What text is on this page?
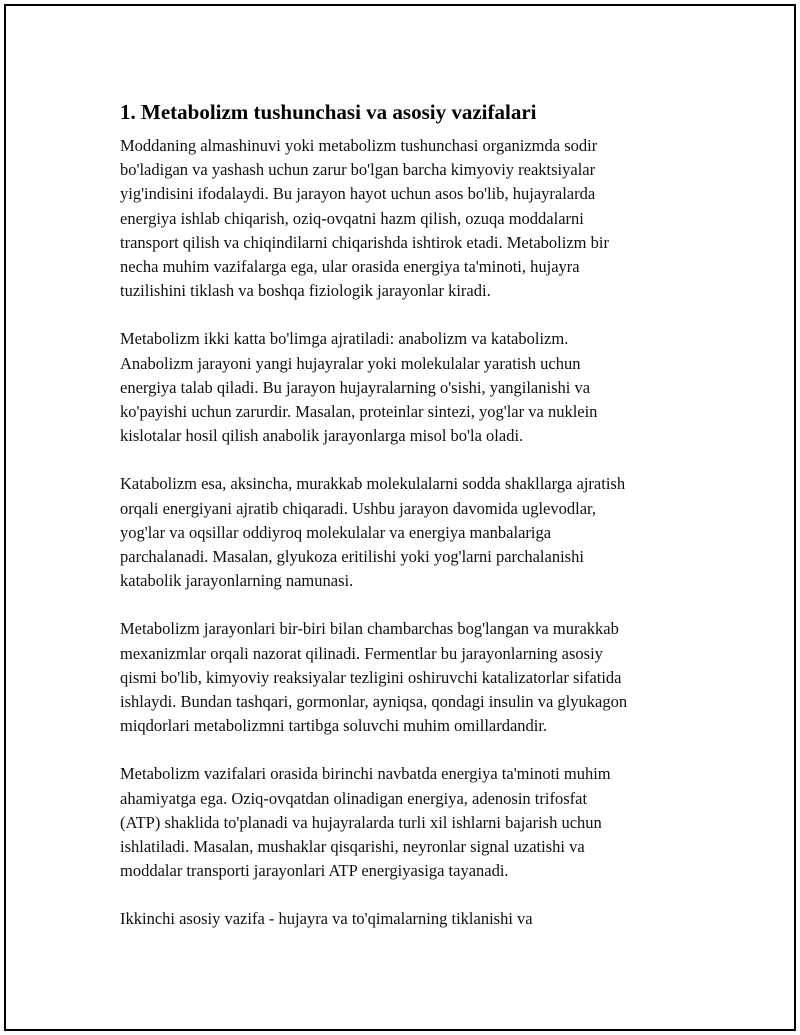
1. Metabolizm tushunchasi va asosiy vazifalari

Moddaning almashinuvi yoki metabolizm tushunchasi organizmda sodir
bo'ladigan va yashash uchun zarur bo'lgan barcha kimyoviy reaktsiyalar
yig'indisini ifodalaydi. Bu jarayon hayot uchun asos bo'lib, hujayralarda
energiya ishlab chiqarish, oziq-ovqatni hazm qilish, ozuqa moddalarni
transport qilish va chiqindilarni chiqarishda ishtirok etadi. Metabolizm bir
necha muhim vazifalarga ega, ular orasida energiya ta'minoti, hujayra
tuzilishini tiklash va boshqa fiziologik jarayonlar kiradi.

Metabolizm ikki katta bo'limga ajratiladi: anabolizm va katabolizm.
Anabolizm jarayoni yangi hujayralar yoki molekulalar yaratish uchun
energiya talab qiladi. Bu jarayon hujayralarning o'sishi, yangilanishi va
ko'payishi uchun zarurdir. Masalan, proteinlar sintezi, yog'lar va nuklein
kislotalar hosil qilish anabolik jarayonlarga misol bo'la oladi.

Katabolizm esa, aksincha, murakkab molekulalarni sodda shakllarga ajratish
orqali energiyani ajratib chiqaradi. Ushbu jarayon davomida uglevodlar,
yog'lar va oqsillar oddiyroq molekulalar va energiya manbalariga
parchalanadi. Masalan, glyukoza eritilishi yoki yog'larni parchalanishi
katabolik jarayonlarning namunasi.

Metabolizm jarayonlari bir-biri bilan chambarchas bog'langan va murakkab
mexanizmlar orqali nazorat qilinadi. Fermentlar bu jarayonlarning asosiy
qismi bo'lib, kimyoviy reaksiyalar tezligini oshiruvchi katalizatorlar sifatida
ishlaydi. Bundan tashqari, gormonlar, ayniqsa, qondagi insulin va glyukagon
miqdorlari metabolizmni tartibga soluvchi muhim omillardandir.

Metabolizm vazifalari orasida birinchi navbatda energiya ta'minoti muhim
ahamiyatga ega. Oziq-ovqatdan olinadigan energiya, adenosin trifosfat
(ATP) shaklida to'planadi va hujayralarda turli xil ishlarni bajarish uchun
ishlatiladi. Masalan, mushaklar qisqarishi, neyronlar signal uzatishi va
moddalar transporti jarayonlari ATP energiyasiga tayanadi.

Ikkinchi asosiy vazifa - hujayra va to'qimalarning tiklanishi va
